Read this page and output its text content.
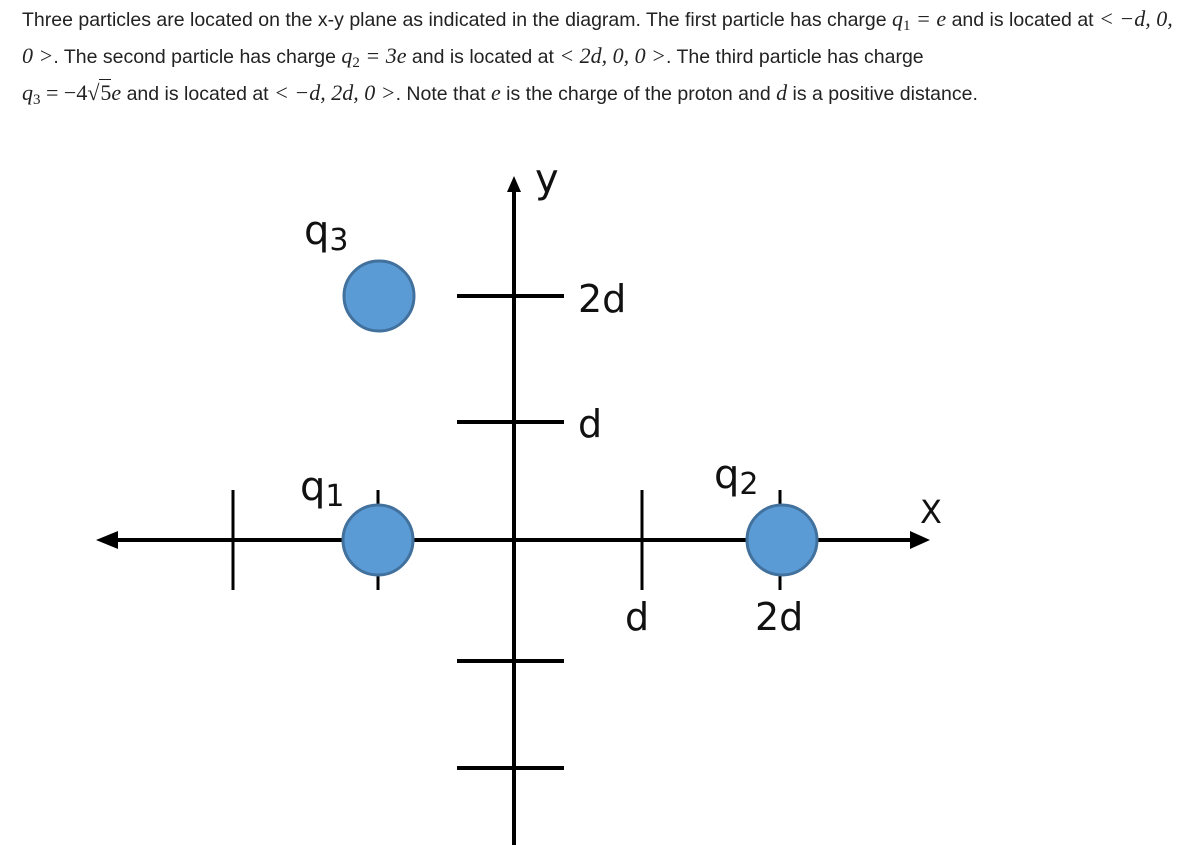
Three particles are located on the x-y plane as indicated in the diagram. The first particle has charge $q_1 = e$ and is located at < −d, 0, 0 >. The second particle has charge $q_2 = 3e$ and is located at < 2d, 0, 0 >. The third particle has charge
$q_3 = -4√5e$ and is located at < −d, 2d, 0 >. Note that e is the charge of the proton and d is a positive distance.
q3
q1	q2
2d
d
d	2d
y
X
